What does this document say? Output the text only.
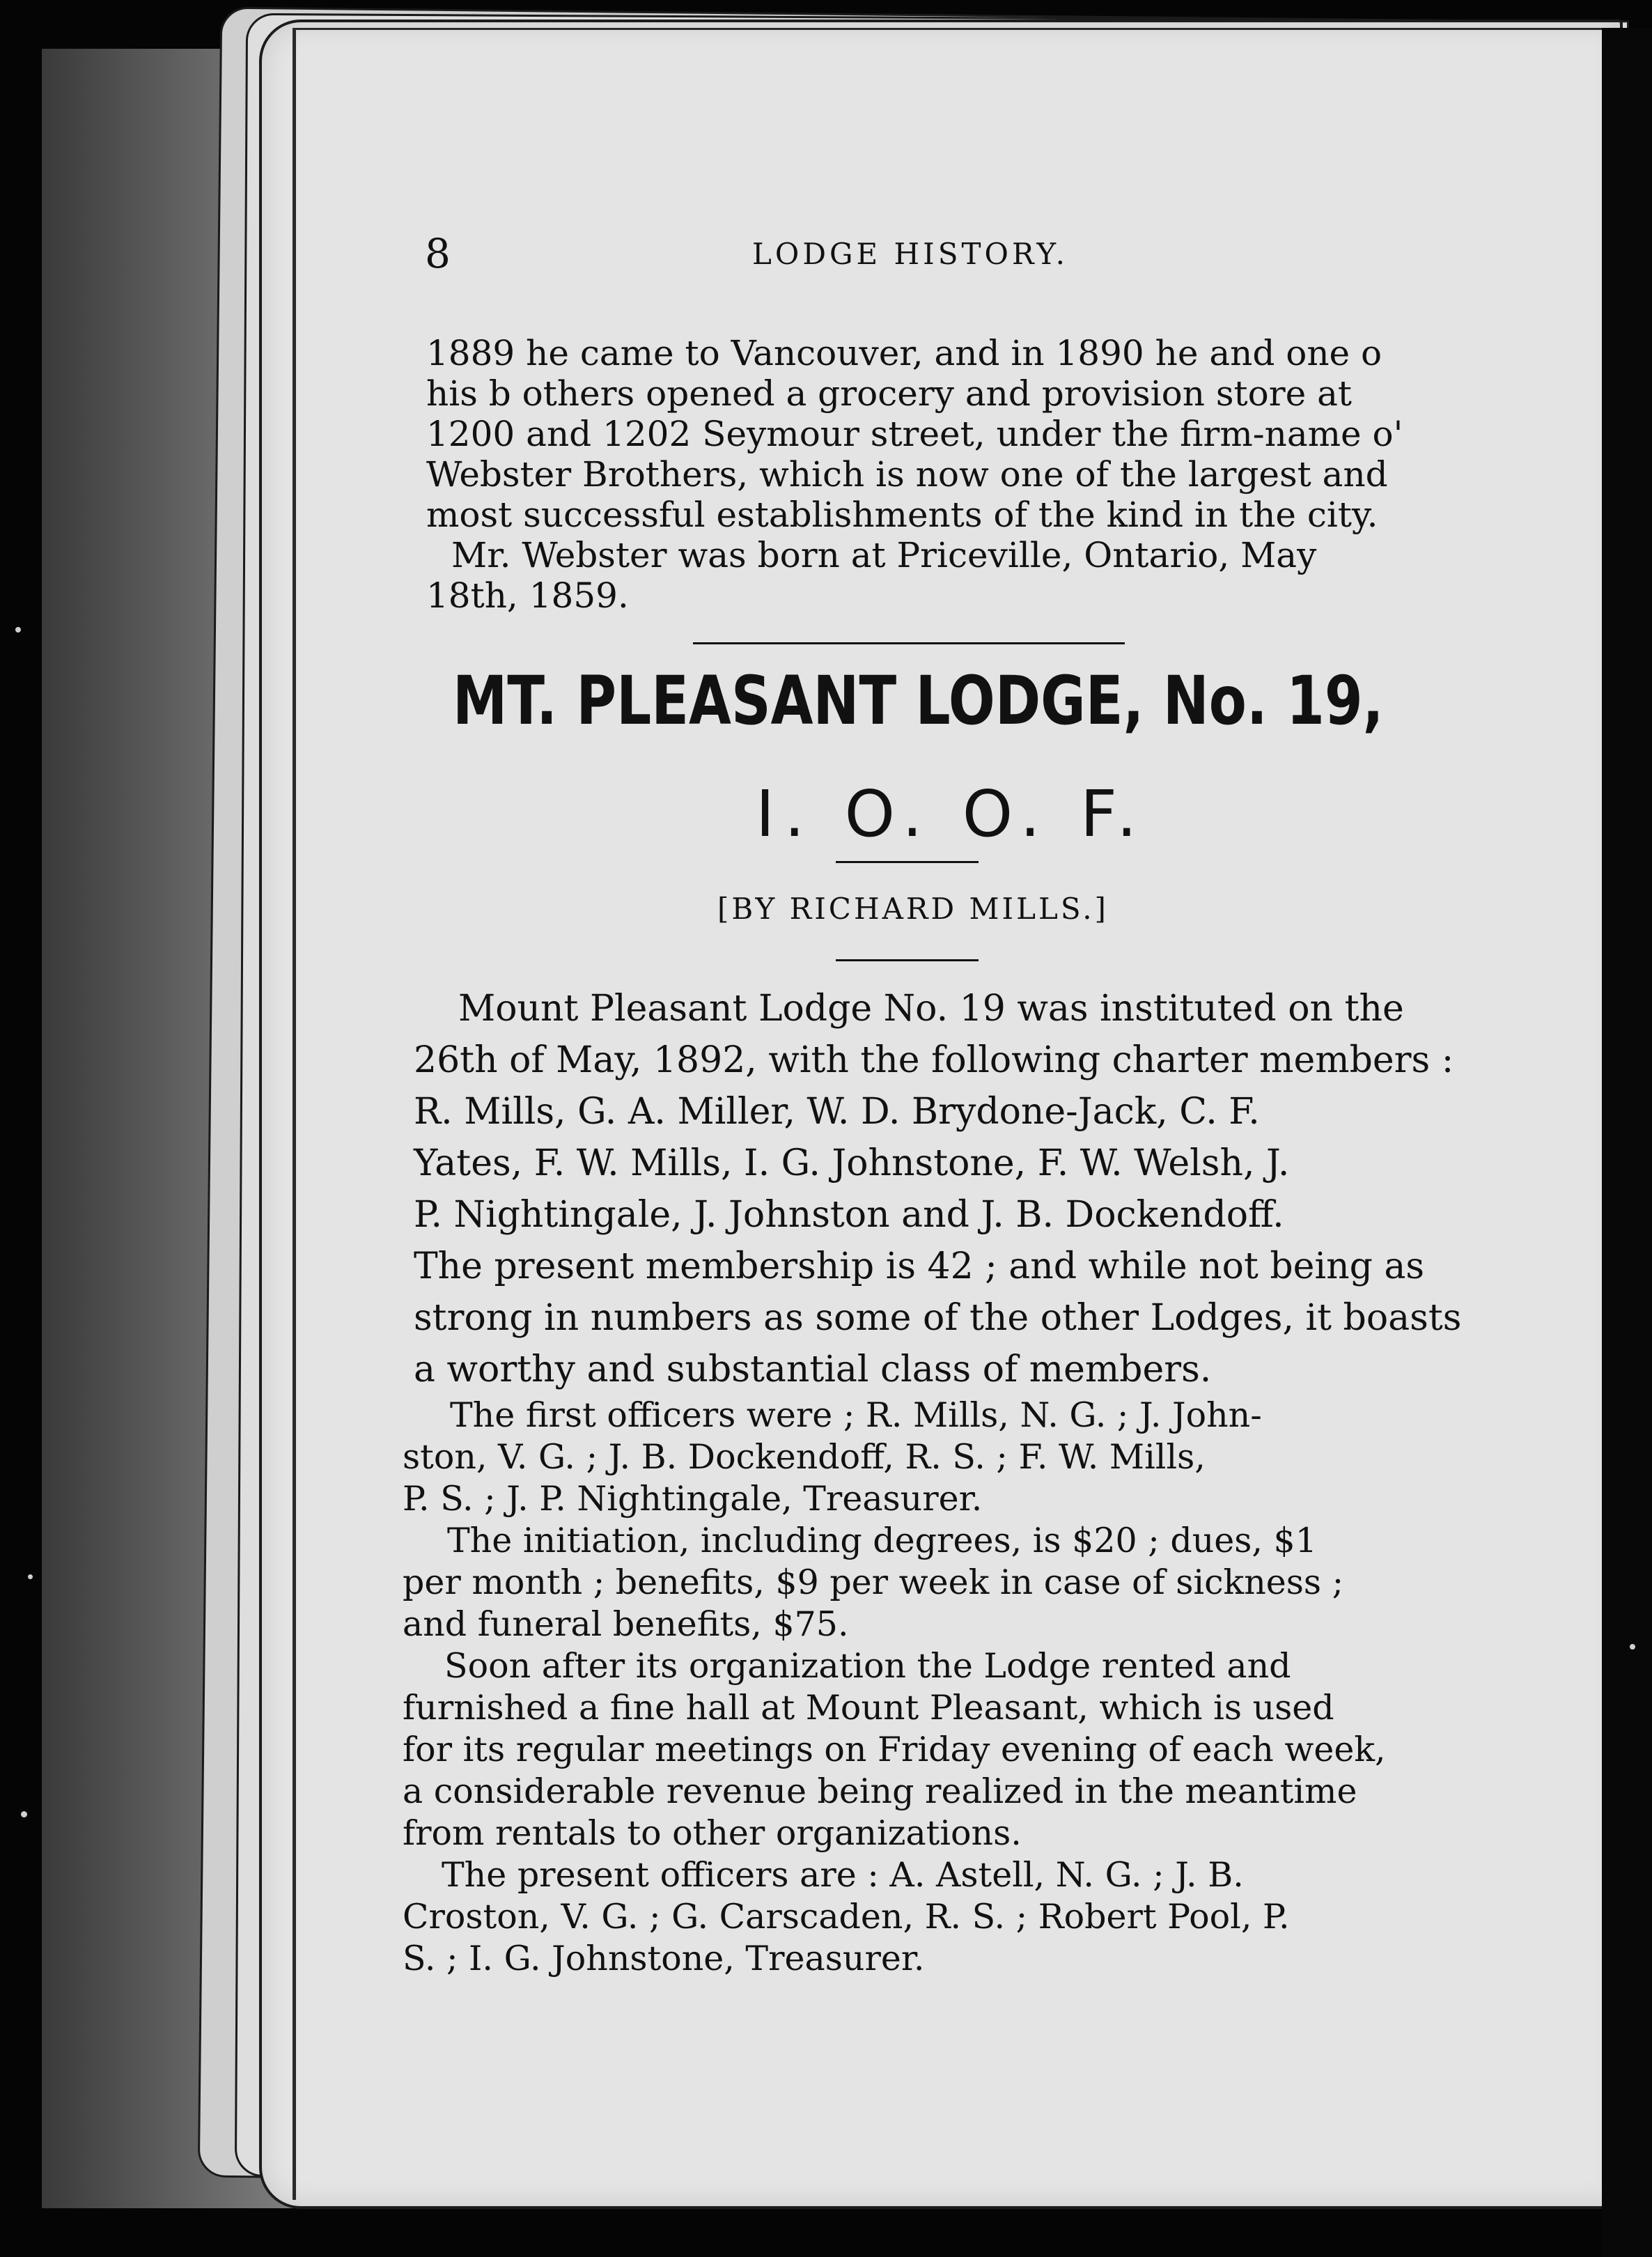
8	LODGE HISTORY.
1889 he came to Vancouver, and in 1890 he and one o
his b others opened a grocery and provision store at
1200 and 1202 Seymour street, under the firm-name o'
Webster Brothers, which is now one of the largest and
most successful establishments of the kind in the city.
Mr. Webster was born at Priceville, Ontario, May
18th, 1859.
MT. PLEASANT LODGE, No. 19,
I. O. O. F.
[BY RICHARD MILLS.]
Mount Pleasant Lodge No. 19 was instituted on the
26th of May, 1892, with the following charter members :
R. Mills, G. A. Miller, W. D. Brydone-Jack, C. F.
Yates, F. W. Mills, I. G. Johnstone, F. W. Welsh, J.
P. Nightingale, J. Johnston and J. B. Dockendoff.
The present membership is 42 ; and while not being as
strong in numbers as some of the other Lodges, it boasts
a worthy and substantial class of members.
The first officers were ; R. Mills, N. G. ; J. John-
ston, V. G. ; J. B. Dockendoff, R. S. ; F. W. Mills,
P. S. ; J. P. Nightingale, Treasurer.
The initiation, including degrees, is $20 ; dues, $1
per month ; benefits, $9 per week in case of sickness ;
and funeral benefits, $75.
Soon after its organization the Lodge rented and
furnished a fine hall at Mount Pleasant, which is used
for its regular meetings on Friday evening of each week,
a considerable revenue being realized in the meantime
from rentals to other organizations.
The present officers are : A. Astell, N. G. ; J. B.
Croston, V. G. ; G. Carscaden, R. S. ; Robert Pool, P.
S. ; I. G. Johnstone, Treasurer.
